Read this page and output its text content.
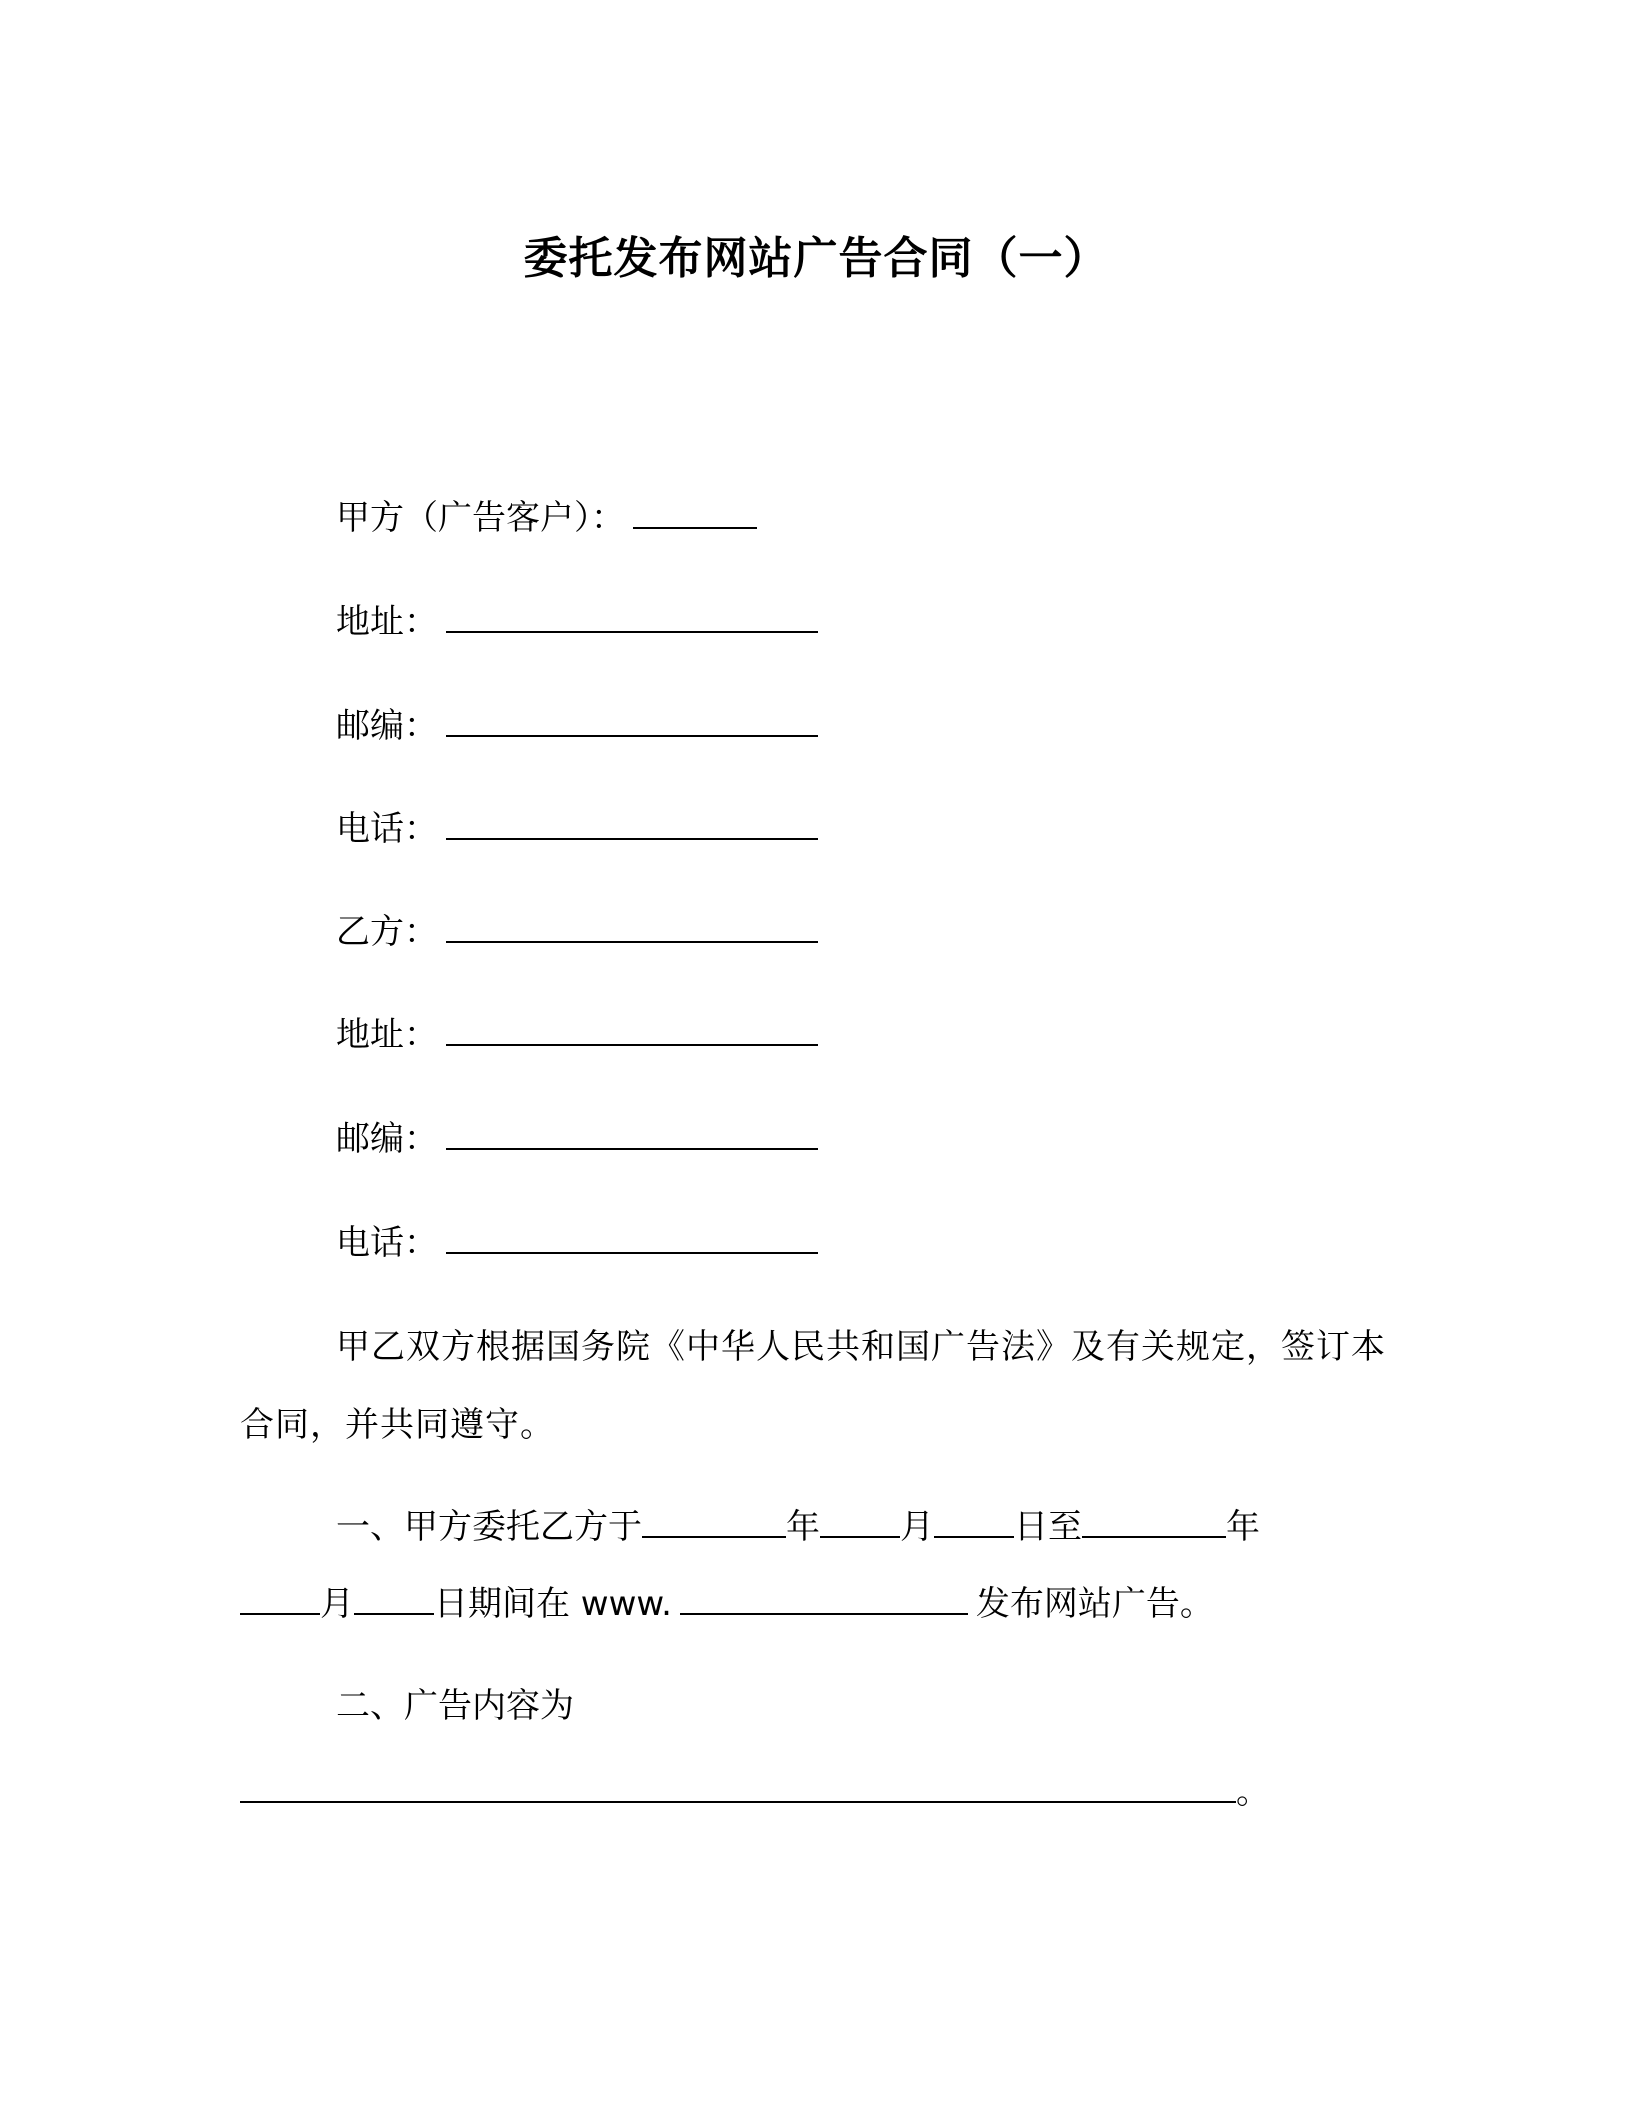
委托发布网站广告合同（一）
甲方（广告客户）：
地址：
邮编：
电话：
乙方：
地址：
邮编：
电话：
甲乙双方根据国务院《中华人民共和国广告法》及有关规定，签订本合同，并共同遵守。
一、甲方委托乙方于	年 月 日至	年
月 日期间在 www.	发布网站广告。
二、广告内容为
。
